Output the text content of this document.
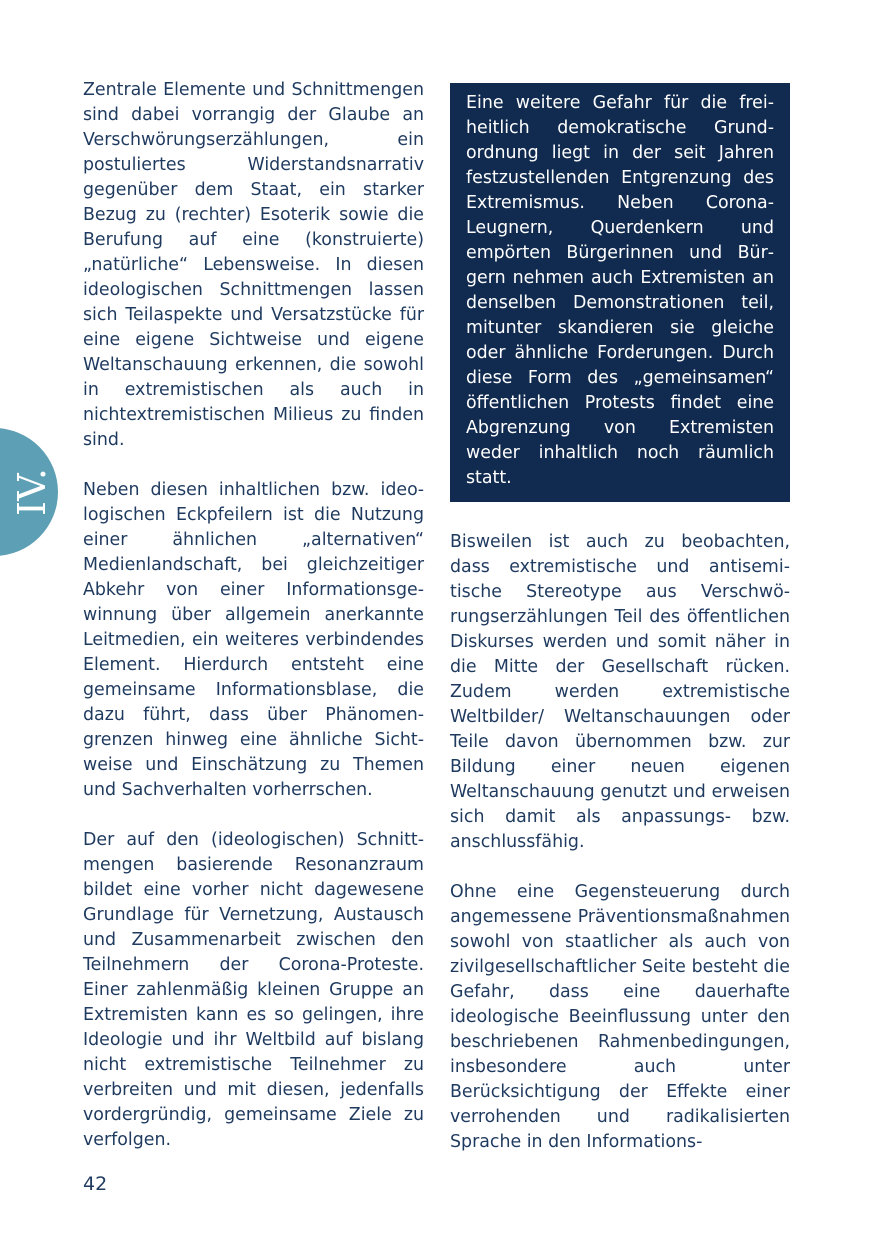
IV.

Zentrale Elemente und Schnittmengen sind dabei vorrangig der Glaube an Verschwörungserzählungen, ein postuliertes Widerstandsnarrativ gegenüber dem Staat, ein starker Bezug zu (rechter) Esoterik sowie die Berufung auf eine (konstruierte) „natürliche“ Lebensweise. In diesen ideologischen Schnittmengen lassen sich Teilaspekte und Versatzstücke für eine eigene Sichtweise und eigene Weltanschauung erkennen, die sowohl in extremistischen als auch in nichtextremistischen Milieus zu finden sind.

Neben diesen inhaltlichen bzw. ideologischen Eckpfeilern ist die Nutzung einer ähnlichen „alternativen“ Medienlandschaft, bei gleichzeitiger Abkehr von einer Informationsgewinnung über allgemein anerkannte Leitmedien, ein weiteres verbindendes Element. Hierdurch entsteht eine gemeinsame Informationsblase, die dazu führt, dass über Phänomengrenzen hinweg eine ähnliche Sichtweise und Einschätzung zu Themen und Sachverhalten vorherrschen.

Der auf den (ideologischen) Schnittmengen basierende Resonanzraum bildet eine vorher nicht dagewesene Grundlage für Vernetzung, Austausch und Zusammenarbeit zwischen den Teilnehmern der Corona-Proteste. Einer zahlenmäßig kleinen Gruppe an Extremisten kann es so gelingen, ihre Ideologie und ihr Weltbild auf bislang nicht extremistische Teilnehmer zu verbreiten und mit diesen, jedenfalls vordergründig, gemeinsame Ziele zu verfolgen.

Eine weitere Gefahr für die freiheitlich demokratische Grundordnung liegt in der seit Jahren festzustellenden Entgrenzung des Extremismus. Neben Corona-Leugnern, Querdenkern und empörten Bürgerinnen und Bürgern nehmen auch Extremisten an denselben Demonstrationen teil, mitunter skandieren sie gleiche oder ähnliche Forderungen. Durch diese Form des „gemeinsamen“ öffentlichen Protests findet eine Abgrenzung von Extremisten weder inhaltlich noch räumlich statt.

Bisweilen ist auch zu beobachten, dass extremistische und antisemitische Stereotype aus Verschwörungserzählungen Teil des öffentlichen Diskurses werden und somit näher in die Mitte der Gesellschaft rücken. Zudem werden extremistische Weltbilder/ Weltanschauungen oder Teile davon übernommen bzw. zur Bildung einer neuen eigenen Weltanschauung genutzt und erweisen sich damit als anpassungs- bzw. anschlussfähig.

Ohne eine Gegensteuerung durch angemessene Präventionsmaßnahmen sowohl von staatlicher als auch von zivilgesellschaftlicher Seite besteht die Gefahr, dass eine dauerhafte ideologische Beeinflussung unter den beschriebenen Rahmenbedingungen, insbesondere auch unter Berücksichtigung der Effekte einer verrohenden und radikalisierten Sprache in den Informations-

42
